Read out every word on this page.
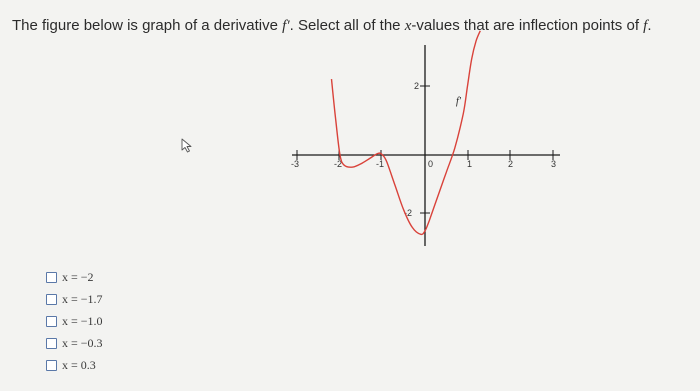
The figure below is graph of a derivative f′. Select all of the x-values that are inflection points of f.
-3	-2	-1	0	1	2	3
2
-2
f′
x = −2
x = −1.7
x = −1.0
x = −0.3
x = 0.3
